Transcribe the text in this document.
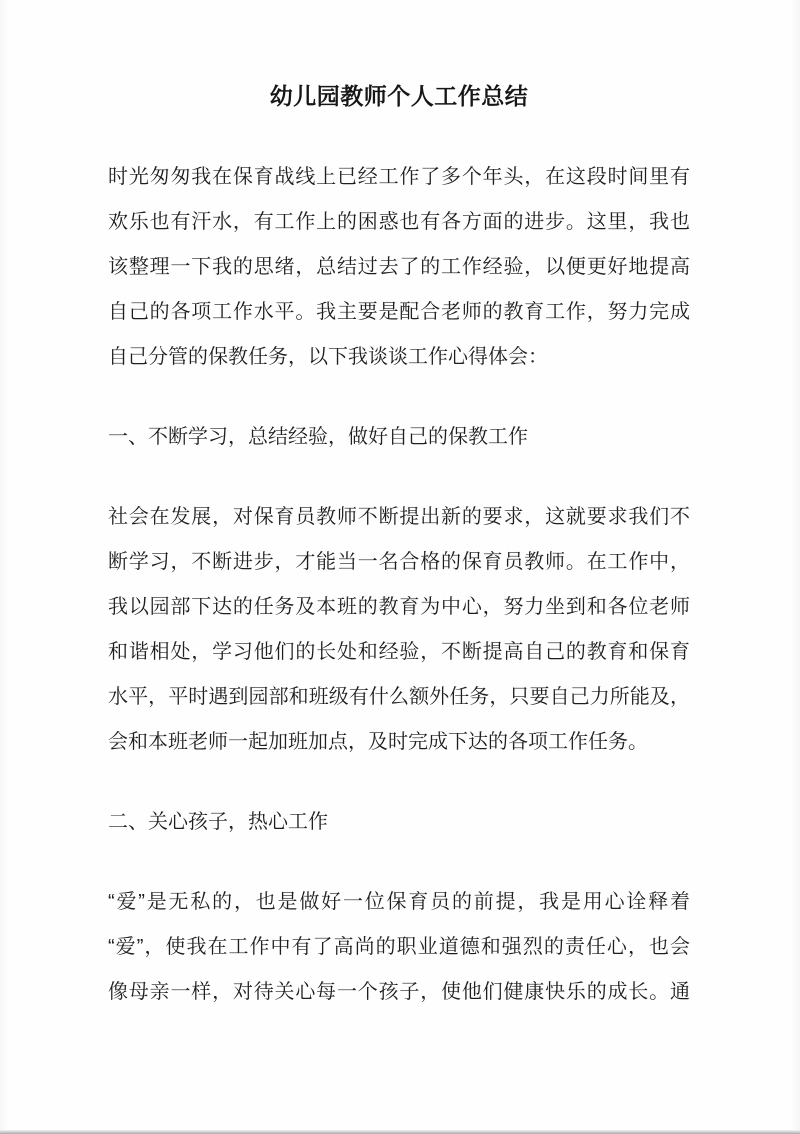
幼儿园教师个人工作总结
时光匆匆我在保育战线上已经工作了多个年头，在这段时间里有
欢乐也有汗水，有工作上的困惑也有各方面的进步。这里，我也
该整理一下我的思绪，总结过去了的工作经验，以便更好地提高
自己的各项工作水平。我主要是配合老师的教育工作，努力完成
自己分管的保教任务，以下我谈谈工作心得体会：
一、不断学习，总结经验，做好自己的保教工作
社会在发展，对保育员教师不断提出新的要求，这就要求我们不
断学习，不断进步，才能当一名合格的保育员教师。在工作中，
我以园部下达的任务及本班的教育为中心，努力坐到和各位老师
和谐相处，学习他们的长处和经验，不断提高自己的教育和保育
水平，平时遇到园部和班级有什么额外任务，只要自己力所能及，
会和本班老师一起加班加点，及时完成下达的各项工作任务。
二、关心孩子，热心工作
“爱”是无私的，也是做好一位保育员的前提，我是用心诠释着
“爱”，使我在工作中有了高尚的职业道德和强烈的责任心，也会
像母亲一样，对待关心每一个孩子，使他们健康快乐的成长。通
